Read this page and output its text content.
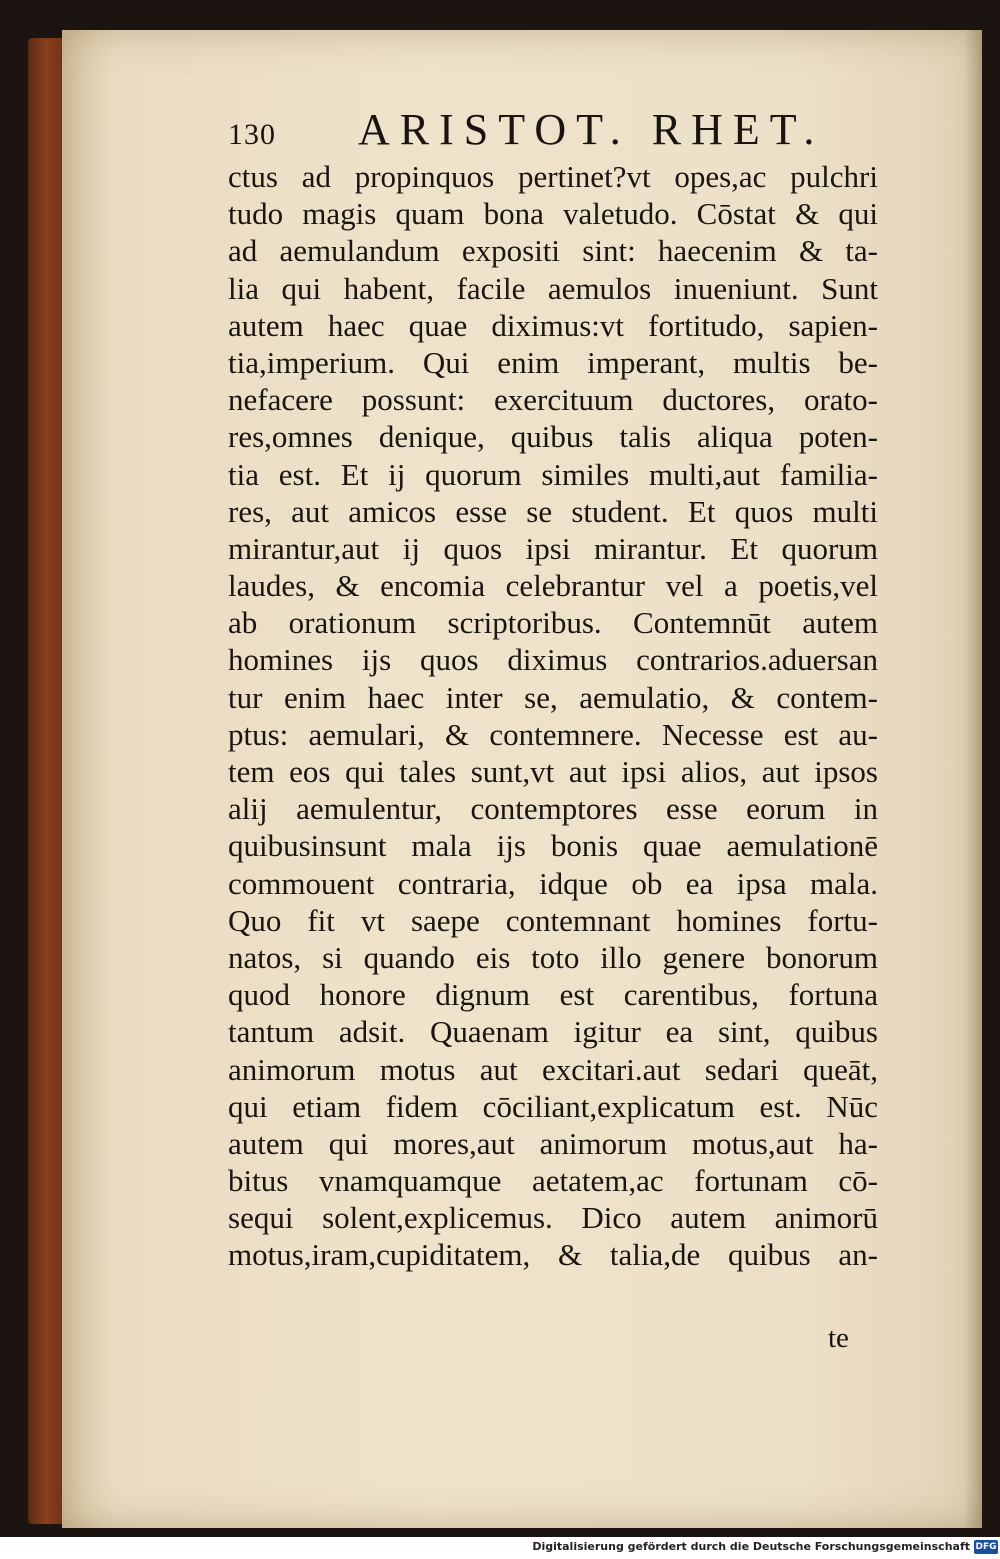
130 ARISTOT. RHET.
ctus ad propinquos pertinet?vt opes,ac pulchri
tudo magis quam bona valetudo. Cōstat & qui
ad aemulandum expositi sint: haecenim & ta-
lia qui habent, facile aemulos inueniunt. Sunt
autem haec quae diximus:vt fortitudo, sapien-
tia,imperium. Qui enim imperant, multis be-
nefacere possunt: exercituum ductores, orato-
res,omnes denique, quibus talis aliqua poten-
tia est. Et ij quorum similes multi,aut familia-
res, aut amicos esse se student. Et quos multi
mirantur,aut ij quos ipsi mirantur. Et quorum
laudes, & encomia celebrantur vel a poetis,vel
ab orationum scriptoribus. Contemnūt autem
homines ijs quos diximus contrarios.aduersan
tur enim haec inter se, aemulatio, & contem-
ptus: aemulari, & contemnere. Necesse est au-
tem eos qui tales sunt,vt aut ipsi alios, aut ipsos
alij aemulentur, contemptores esse eorum in
quibusinsunt mala ijs bonis quae aemulationē
commouent contraria, idque ob ea ipsa mala.
Quo fit vt saepe contemnant homines fortu-
natos, si quando eis toto illo genere bonorum
quod honore dignum est carentibus, fortuna
tantum adsit. Quaenam igitur ea sint, quibus
animorum motus aut excitari.aut sedari queāt,
qui etiam fidem cōciliant,explicatum est. Nūc
autem qui mores,aut animorum motus,aut ha-
bitus vnamquamque aetatem,ac fortunam cō-
sequi solent,explicemus. Dico autem animorū
motus,iram,cupiditatem, & talia,de quibus an-
te
Digitalisierung gefördert durch die Deutsche Forschungsgemeinschaft DFG
